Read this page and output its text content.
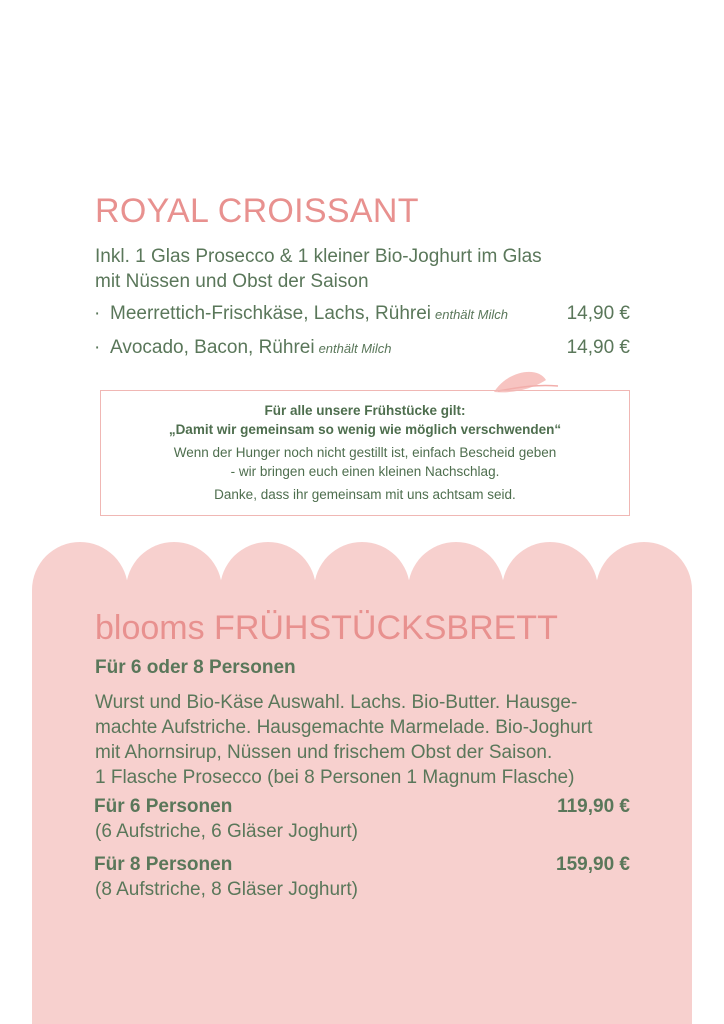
ROYAL CROISSANT
Inkl. 1 Glas Prosecco & 1 kleiner Bio-Joghurt im Glas
mit Nüssen und Obst der Saison
· Meerrettich-Frischkäse, Lachs, Rührei enthält Milch	14,90 €
· Avocado, Bacon, Rührei enthält Milch	14,90 €
Für alle unsere Frühstücke gilt:
„Damit wir gemeinsam so wenig wie möglich verschwenden“
Wenn der Hunger noch nicht gestillt ist, einfach Bescheid geben
- wir bringen euch einen kleinen Nachschlag.
Danke, dass ihr gemeinsam mit uns achtsam seid.
blooms FRÜHSTÜCKSBRETT
Für 6 oder 8 Personen
Wurst und Bio-Käse Auswahl. Lachs. Bio-Butter. Hausge-
machte Aufstriche. Hausgemachte Marmelade. Bio-Joghurt
mit Ahornsirup, Nüssen und frischem Obst der Saison.
1 Flasche Prosecco (bei 8 Personen 1 Magnum Flasche)
Für 6 Personen	119,90 €
(6 Aufstriche, 6 Gläser Joghurt)
Für 8 Personen	159,90 €
(8 Aufstriche, 8 Gläser Joghurt)
